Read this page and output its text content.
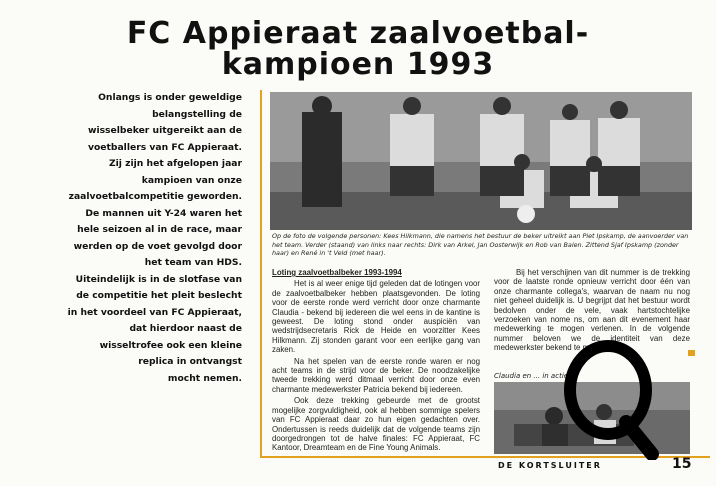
FC Appieraat zaalvoetbal-
kampioen 1993
Onlangs is onder geweldige
belangstelling de
wisselbeker uitgereikt aan de
voetballers van FC Appieraat.
Zij zijn het afgelopen jaar
kampioen van onze
zaalvoetbalcompetitie geworden.
De mannen uit Y-24 waren het
hele seizoen al in de race, maar
werden op de voet gevolgd door
het team van HDS.
Uiteindelijk is in de slotfase van
de competitie het pleit beslecht
in het voordeel van FC Appieraat,
dat hierdoor naast de
wisseltrofee ook een kleine
replica in ontvangst
mocht nemen.
Op de foto de volgende personen: Kees Hilkmann, die namens het bestuur de beker uitreikt aan Piet Ipskamp, de aanvoerder van het team. Verder (staand) van links naar rechts: Dirk van Arkel, Jan Oosterwijk en Rob van Balen. Zittend Sjaf Ipskamp (zonder haar) en René in 't Veld (met haar).

Loting zaalvoetbalbeker 1993-1994

Het is al weer enige tijd geleden dat de lotingen voor de zaalvoetbalbeker hebben plaatsgevonden. De loting voor de eerste ronde werd verricht door onze charmante Claudia - bekend bij iedereen die wel eens in de kantine is geweest. De loting stond onder auspiciën van wedstrijdsecretaris Rick de Heide en voorzitter Kees Hilkmann. Zij stonden garant voor een eerlijke gang van zaken.

Na het spelen van de eerste ronde waren er nog acht teams in de strijd voor de beker. De noodzakelijke tweede trekking werd ditmaal verricht door onze even charmante medewerkster Patricia bekend bij iedereen.

Ook deze trekking gebeurde met de grootst mogelijke zorgvuldigheid, ook al hebben sommige spelers van FC Appieraat daar zo hun eigen gedachten over. Ondertussen is reeds duidelijk dat de volgende teams zijn doorgedrongen tot de halve finales: FC Appieraat, FC Kantoor, Dreamteam en de Fine Young Animals.

Bij het verschijnen van dit nummer is de trekking voor de laatste ronde opnieuw verricht door één van onze charmante collega's, waarvan de naam nu nog niet geheel duidelijk is. U begrijpt dat het bestuur wordt bedolven onder de vele, vaak hartstochtelijke verzoeken van nome ns, om aan dit evenement haar medewerking te mogen verlenen. In de volgende nummer beloven we de identiteit van deze medewerkster bekend te maken.

Claudia en ... in actie.
DE KORTSLUITER	15
